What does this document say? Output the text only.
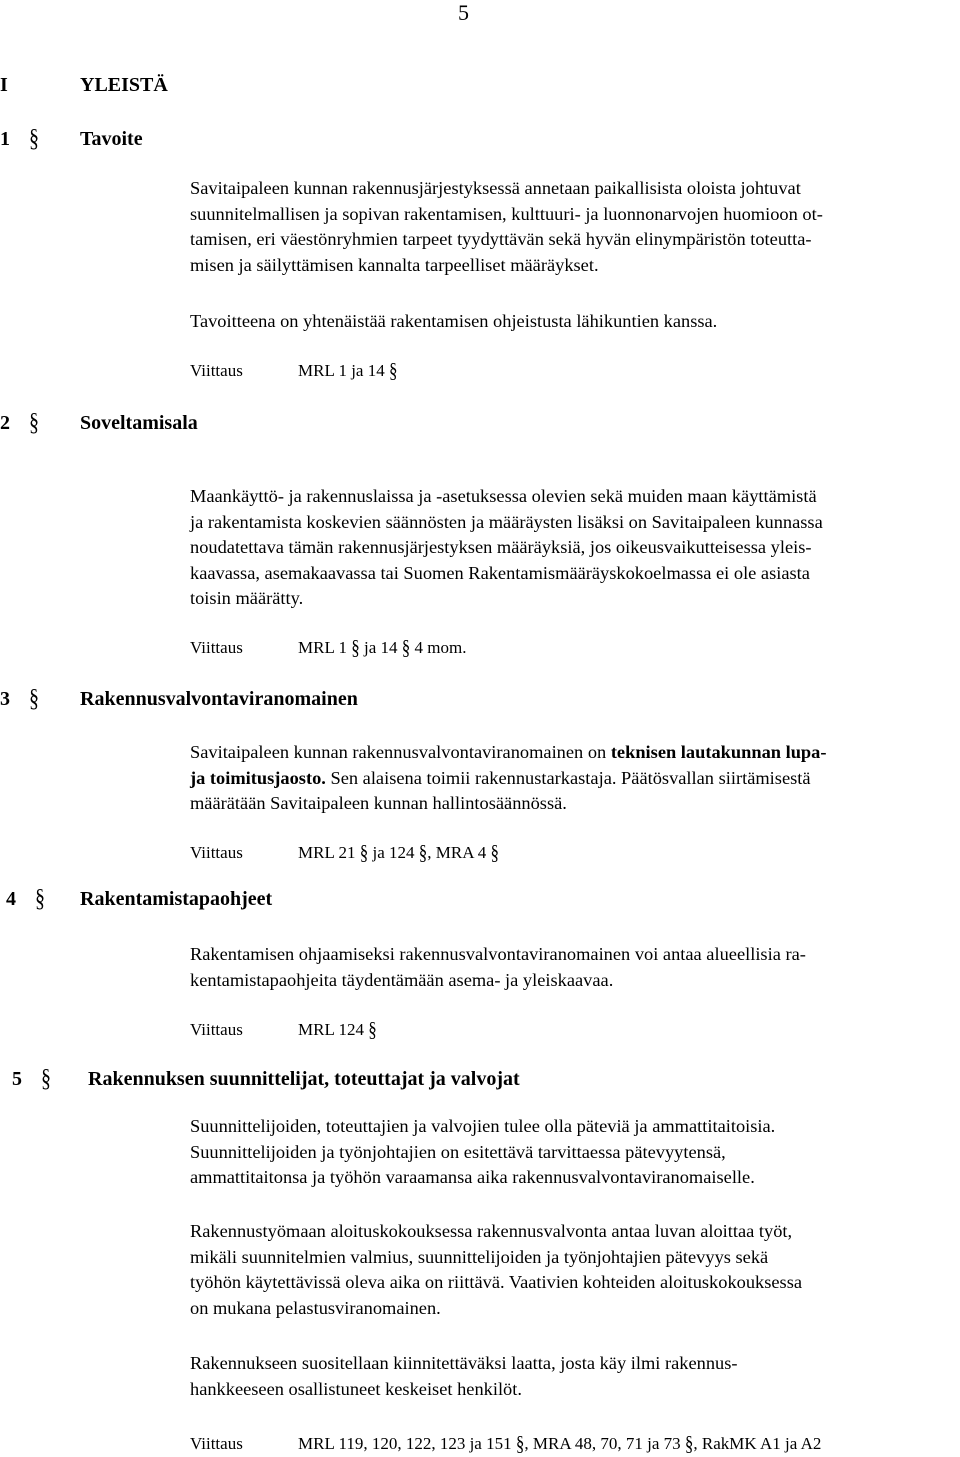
5
I	YLEISTÄ
1 § Tavoite
Savitaipaleen kunnan rakennusjärjestyksessä annetaan paikallisista oloista johtuvat
suunnitelmallisen ja sopivan rakentamisen, kulttuuri- ja luonnonarvojen huomioon ot-
tamisen, eri väestönryhmien tarpeet tyydyttävän sekä hyvän elinympäristön toteutta-
misen ja säilyttämisen kannalta tarpeelliset määräykset.
Tavoitteena on yhtenäistää rakentamisen ohjeistusta lähikuntien kanssa.
Viittaus	MRL 1 ja 14 §
2 § Soveltamisala
Maankäyttö- ja rakennuslaissa ja -asetuksessa olevien sekä muiden maan käyttämistä
ja rakentamista koskevien säännösten ja määräysten lisäksi on Savitaipaleen kunnassa
noudatettava tämän rakennusjärjestyksen määräyksiä, jos oikeusvaikutteisessa yleis-
kaavassa, asemakaavassa tai Suomen Rakentamismääräyskokoelmassa ei ole asiasta
toisin määrätty.
Viittaus	MRL 1 § ja 14 § 4 mom.
3 § Rakennusvalvontaviranomainen
Savitaipaleen kunnan rakennusvalvontaviranomainen on teknisen lautakunnan lupa-
ja toimitusjaosto. Sen alaisena toimii rakennustarkastaja. Päätösvallan siirtämisestä
määrätään Savitaipaleen kunnan hallintosäännössä.
Viittaus	MRL 21 § ja 124 §, MRA 4 §
4 § Rakentamistapaohjeet
Rakentamisen ohjaamiseksi rakennusvalvontaviranomainen voi antaa alueellisia ra-
kentamistapaohjeita täydentämään asema- ja yleiskaavaa.
Viittaus	MRL 124 §
5 § Rakennuksen suunnittelijat, toteuttajat ja valvojat
Suunnittelijoiden, toteuttajien ja valvojien tulee olla päteviä ja ammattitaitoisia.
Suunnittelijoiden ja työnjohtajien on esitettävä tarvittaessa pätevyytensä,
ammattitaitonsa ja työhön varaamansa aika rakennusvalvontaviranomaiselle.
Rakennustyömaan aloituskokouksessa rakennusvalvonta antaa luvan aloittaa työt,
mikäli suunnitelmien valmius, suunnittelijoiden ja työnjohtajien pätevyys sekä
työhön käytettävissä oleva aika on riittävä. Vaativien kohteiden aloituskokouksessa
on mukana pelastusviranomainen.
Rakennukseen suositellaan kiinnitettäväksi laatta, josta käy ilmi rakennus-
hankkeeseen osallistuneet keskeiset henkilöt.
Viittaus	MRL 119, 120, 122, 123 ja 151 §, MRA 48, 70, 71 ja 73 §, RakMK A1 ja A2
